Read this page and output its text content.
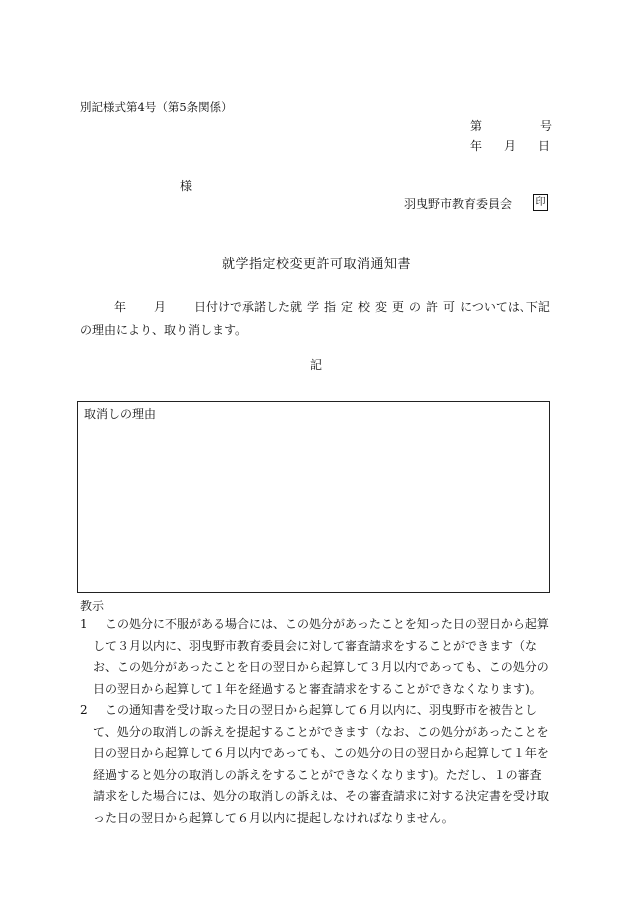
別記様式第4号（第5条関係）
第	号
年 月 日
様
羽曳野市教育委員会 印
就学指定校変更許可取消通知書
年 月 日付けで承諾した就学指定校変更の許可については､下記の理由により、取り消します。
記
取消しの理由
教示
1	この処分に不服がある場合には、この処分があったことを知った日の翌日から起算して３月以内に、羽曳野市教育委員会に対して審査請求をすることができます（なお、この処分があったことを日の翌日から起算して３月以内であっても、この処分の日の翌日から起算して１年を経過すると審査請求をすることができなくなります)。
2	この通知書を受け取った日の翌日から起算して６月以内に、羽曳野市を被告として、処分の取消しの訴えを提起することができます（なお、この処分があったことを日の翌日から起算して６月以内であっても、この処分の日の翌日から起算して１年を経過すると処分の取消しの訴えをすることができなくなります)。ただし、１の審査請求をした場合には、処分の取消しの訴えは、その審査請求に対する決定書を受け取った日の翌日から起算して６月以内に提起しなければなりません。
